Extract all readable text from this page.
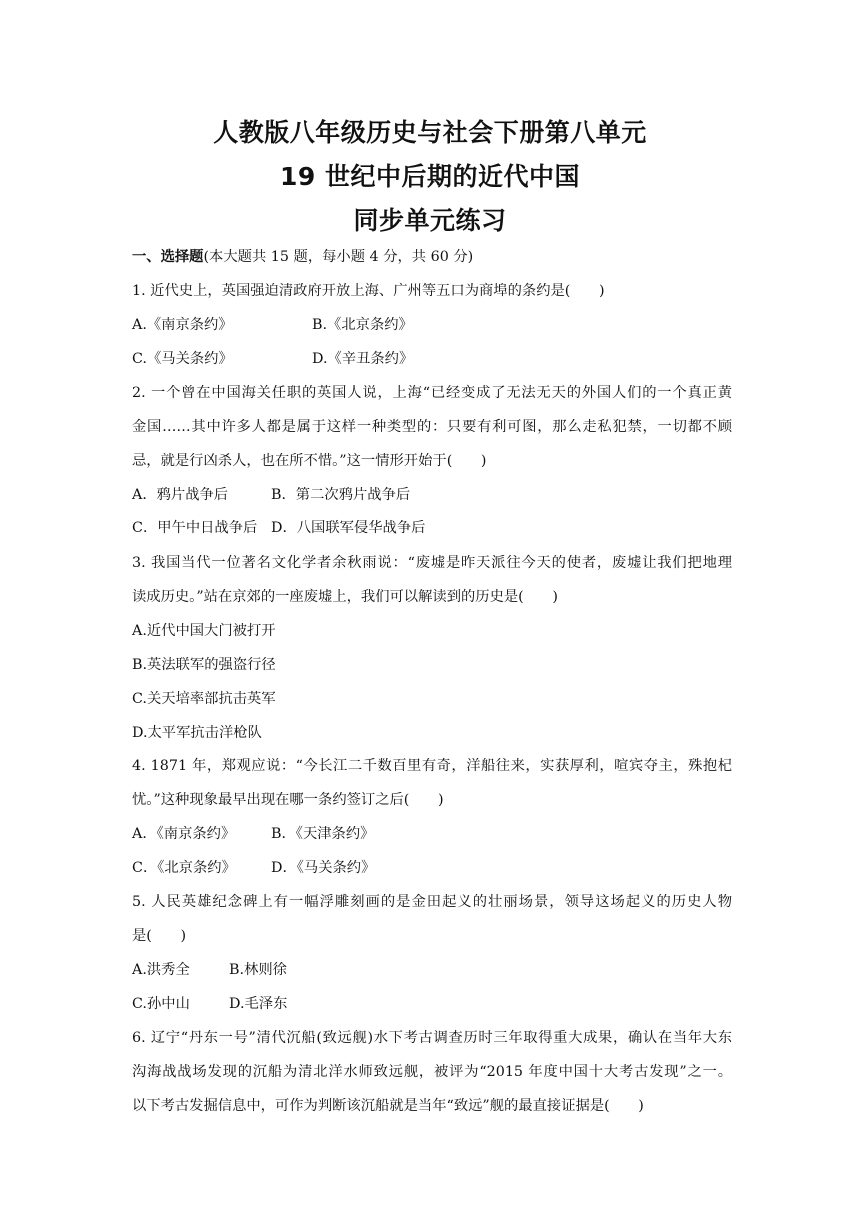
人教版八年级历史与社会下册第八单元
19 世纪中后期的近代中国
同步单元练习
一、选择题(本大题共 15 题，每小题 4 分，共 60 分)
1. 近代史上，英国强迫清政府开放上海、广州等五口为商埠的条约是(　　)
A.《南京条约》	B.《北京条约》
C.《马关条约》	D.《辛丑条约》
2. 一个曾在中国海关任职的英国人说，上海“已经变成了无法无天的外国人们的一个真正黄
金国……其中许多人都是属于这样一种类型的：只要有利可图，那么走私犯禁，一切都不顾
忌，就是行凶杀人，也在所不惜。”这一情形开始于(　　)
A．鸦片战争后	B．第二次鸦片战争后
C．甲午中日战争后 D．八国联军侵华战争后
3. 我国当代一位著名文化学者余秋雨说：“废墟是昨天派往今天的使者，废墟让我们把地理
读成历史。”站在京郊的一座废墟上，我们可以解读到的历史是(　　)
A.近代中国大门被打开
B.英法联军的强盗行径
C.关天培率部抗击英军
D.太平军抗击洋枪队
4. 1871 年，郑观应说：“今长江二千数百里有奇，洋船往来，实获厚利，喧宾夺主，殊抱杞
忧。”这种现象最早出现在哪一条约签订之后(　　)
A．《南京条约》 B．《天津条约》
C．《北京条约》 D．《马关条约》
5. 人民英雄纪念碑上有一幅浮雕刻画的是金田起义的壮丽场景，领导这场起义的历史人物
是(　　)
A.洪秀全	B.林则徐
C.孙中山	D.毛泽东
6. 辽宁“丹东一号”清代沉船(致远舰)水下考古调查历时三年取得重大成果，确认在当年大东
沟海战战场发现的沉船为清北洋水师致远舰，被评为“2015 年度中国十大考古发现”之一。
以下考古发掘信息中，可作为判断该沉船就是当年“致远”舰的最直接证据是(　　)
